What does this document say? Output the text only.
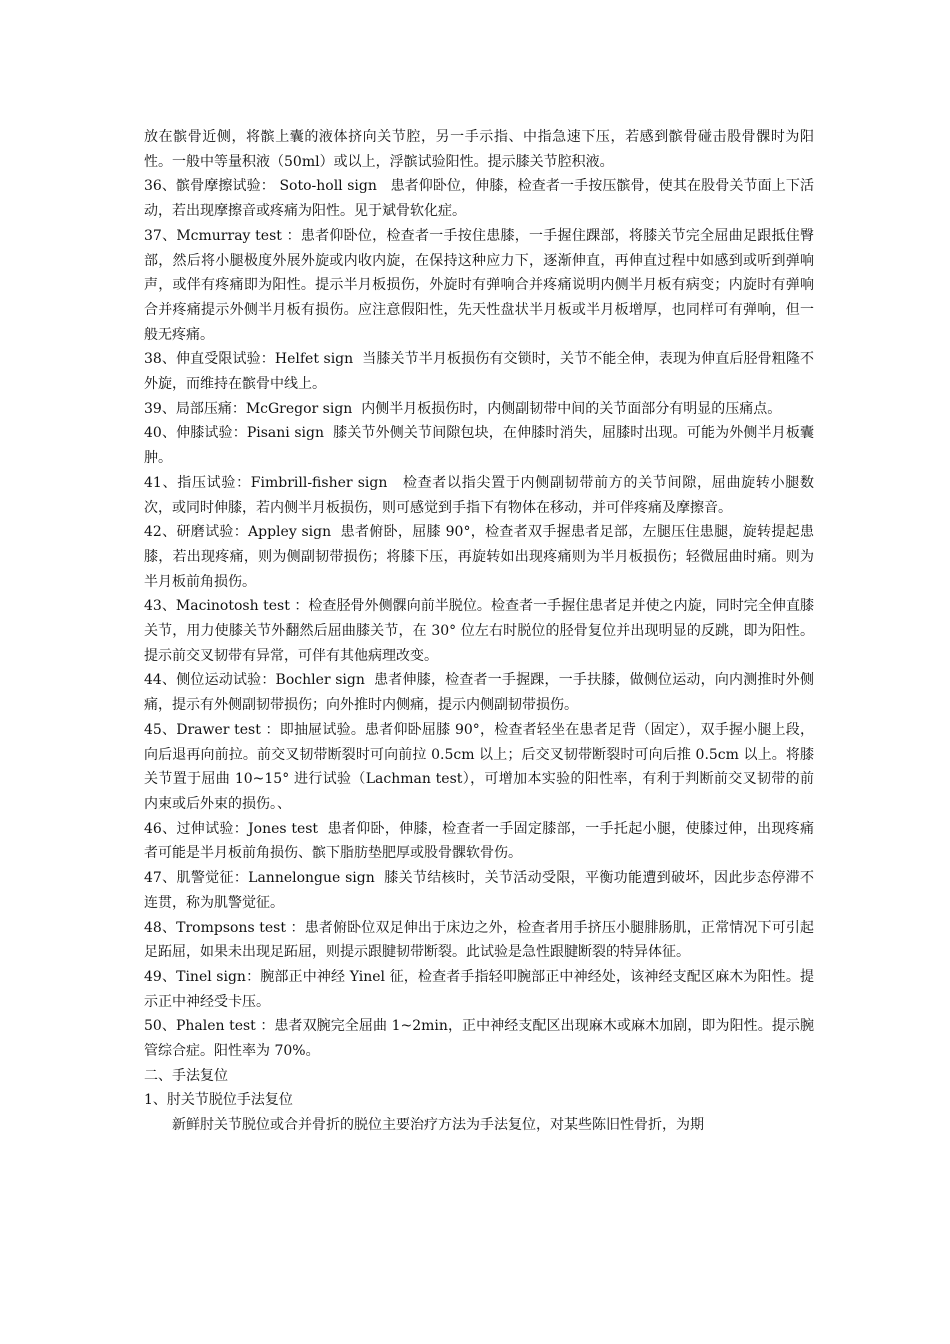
放在髌骨近侧，将髌上囊的液体挤向关节腔，另一手示指、中指急速下压，若感到髌骨碰击股骨髁时为阳性。一般中等量积液（50ml）或以上，浮髌试验阳性。提示膝关节腔积液。

36、髌骨摩擦试验： Soto-holl sign   患者仰卧位，伸膝，检查者一手按压髌骨，使其在股骨关节面上下活动，若出现摩擦音或疼痛为阳性。见于斌骨软化症。

37、Mcmurray test ：患者仰卧位，检查者一手按住患膝，一手握住踝部，将膝关节完全屈曲足跟抵住臀部，然后将小腿极度外展外旋或内收内旋，在保持这种应力下，逐渐伸直，再伸直过程中如感到或听到弹响声，或伴有疼痛即为阳性。提示半月板损伤，外旋时有弹响合并疼痛说明内侧半月板有病变；内旋时有弹响合并疼痛提示外侧半月板有损伤。应注意假阳性，先天性盘状半月板或半月板增厚，也同样可有弹响，但一般无疼痛。

38、伸直受限试验：Helfet sign  当膝关节半月板损伤有交锁时，关节不能全伸，表现为伸直后胫骨粗隆不外旋，而维持在髌骨中线上。

39、局部压痛：McGregor sign  内侧半月板损伤时，内侧副韧带中间的关节面部分有明显的压痛点。

40、伸膝试验：Pisani sign  膝关节外侧关节间隙包块，在伸膝时消失，屈膝时出现。可能为外侧半月板囊肿。

41、指压试验：Fimbrill-fisher sign   检查者以指尖置于内侧副韧带前方的关节间隙，屈曲旋转小腿数次，或同时伸膝，若内侧半月板损伤，则可感觉到手指下有物体在移动，并可伴疼痛及摩擦音。

42、研磨试验：Appley sign  患者俯卧，屈膝 90°，检查者双手握患者足部，左腿压住患腿，旋转提起患膝，若出现疼痛，则为侧副韧带损伤；将膝下压，再旋转如出现疼痛则为半月板损伤；轻微屈曲时痛。则为半月板前角损伤。

43、Macinotosh test ：检查胫骨外侧髁向前半脱位。检查者一手握住患者足并使之内旋，同时完全伸直膝关节，用力使膝关节外翻然后屈曲膝关节，在 30° 位左右时脱位的胫骨复位并出现明显的反跳，即为阳性。提示前交叉韧带有异常，可伴有其他病理改变。

44、侧位运动试验：Bochler sign  患者伸膝，检查者一手握踝，一手扶膝，做侧位运动，向内测推时外侧痛，提示有外侧副韧带损伤；向外推时内侧痛，提示内侧副韧带损伤。

45、Drawer test ：即抽屉试验。患者仰卧屈膝 90°，检查者轻坐在患者足背（固定），双手握小腿上段，向后退再向前拉。前交叉韧带断裂时可向前拉 0.5cm 以上；后交叉韧带断裂时可向后推 0.5cm 以上。将膝关节置于屈曲 10~15° 进行试验（Lachman test），可增加本实验的阳性率，有利于判断前交叉韧带的前内束或后外束的损伤。、

46、过伸试验：Jones test  患者仰卧，伸膝，检查者一手固定膝部，一手托起小腿，使膝过伸，出现疼痛者可能是半月板前角损伤、髌下脂肪垫肥厚或股骨髁软骨伤。

47、肌警觉征：Lannelongue sign  膝关节结核时，关节活动受限，平衡功能遭到破坏，因此步态停滞不连贯，称为肌警觉征。

48、Trompsons test ：患者俯卧位双足伸出于床边之外，检查者用手挤压小腿腓肠肌，正常情况下可引起足跖屈，如果未出现足跖屈，则提示跟腱韧带断裂。此试验是急性跟腱断裂的特异体征。

49、Tinel sign：腕部正中神经 Yinel 征，检查者手指轻叩腕部正中神经处，该神经支配区麻木为阳性。提示正中神经受卡压。

50、Phalen test ：患者双腕完全屈曲 1~2min，正中神经支配区出现麻木或麻木加剧，即为阳性。提示腕管综合症。阳性率为 70%。

二、手法复位

1、肘关节脱位手法复位

新鲜肘关节脱位或合并骨折的脱位主要治疗方法为手法复位，对某些陈旧性骨折，为期
